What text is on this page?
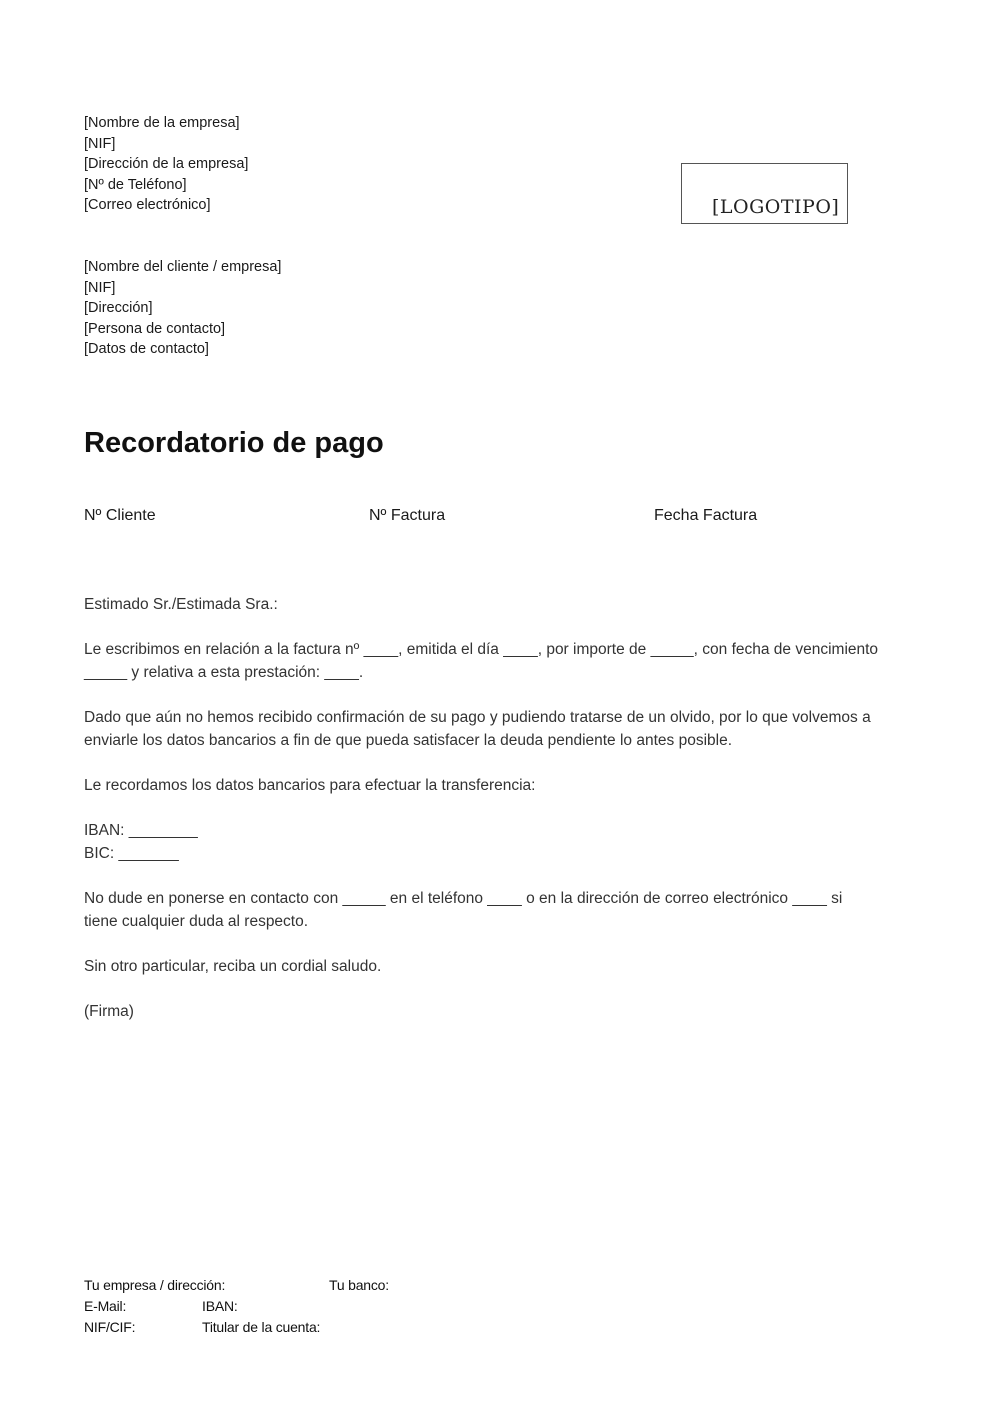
[Nombre de la empresa]
[NIF]
[Dirección de la empresa]
[Nº de Teléfono]
[Correo electrónico]	[LOGOTIPO]
[Nombre del cliente / empresa]
[NIF]
[Dirección]
[Persona de contacto]
[Datos de contacto]
Recordatorio de pago
Nº Cliente	Nº Factura	Fecha Factura
Estimado Sr./Estimada Sra.:
Le escribimos en relación a la factura nº ____, emitida el día ____, por importe de _____, con fecha de vencimiento
_____ y relativa a esta prestación: ____.
Dado que aún no hemos recibido confirmación de su pago y pudiendo tratarse de un olvido, por lo que volvemos a
enviarle los datos bancarios a fin de que pueda satisfacer la deuda pendiente lo antes posible.
Le recordamos los datos bancarios para efectuar la transferencia:
IBAN: ________
BIC: _______
No dude en ponerse en contacto con _____ en el teléfono ____ o en la dirección de correo electrónico ____ si
tiene cualquier duda al respecto.
Sin otro particular, reciba un cordial saludo.
(Firma)
Tu empresa / dirección:	Tu banco:
E-Mail:	IBAN:
NIF/CIF:	Titular de la cuenta:
